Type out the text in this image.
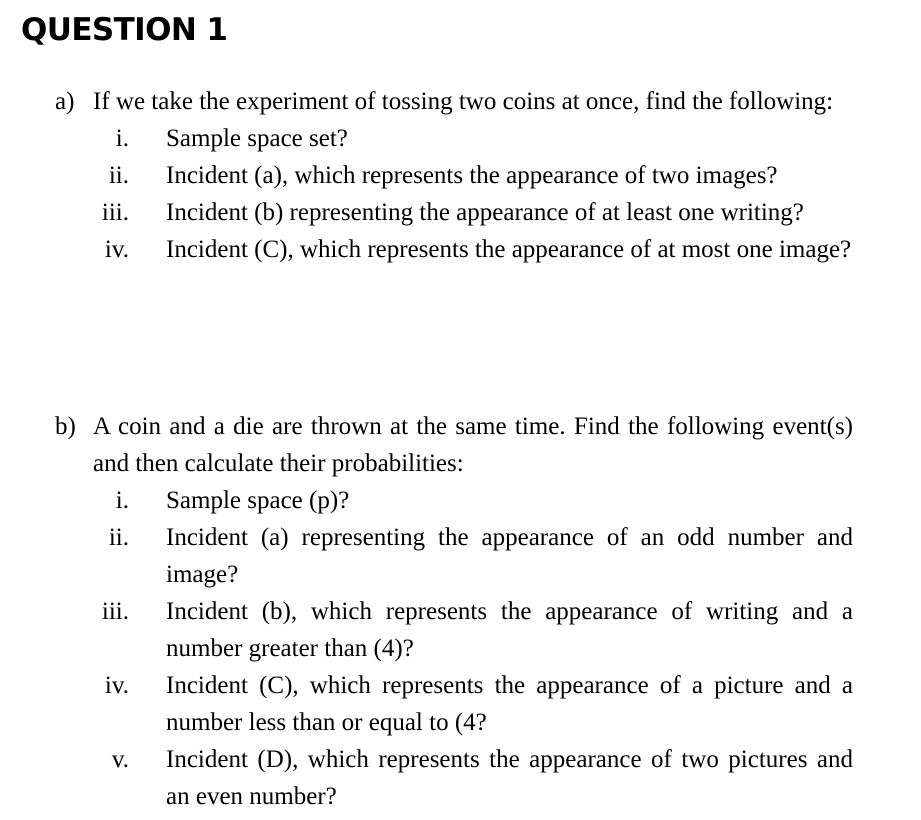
QUESTION 1
a) If we take the experiment of tossing two coins at once, find the following:
i. Sample space set?
ii. Incident (a), which represents the appearance of two images?
iii. Incident (b) representing the appearance of at least one writing?
iv. Incident (C), which represents the appearance of at most one image?
b) A coin and a die are thrown at the same time. Find the following event(s) and then calculate their probabilities:
i. Sample space (p)?
ii. Incident (a) representing the appearance of an odd number and image?
iii. Incident (b), which represents the appearance of writing and a number greater than (4)?
iv. Incident (C), which represents the appearance of a picture and a number less than or equal to (4?
v. Incident (D), which represents the appearance of two pictures and an even number?
